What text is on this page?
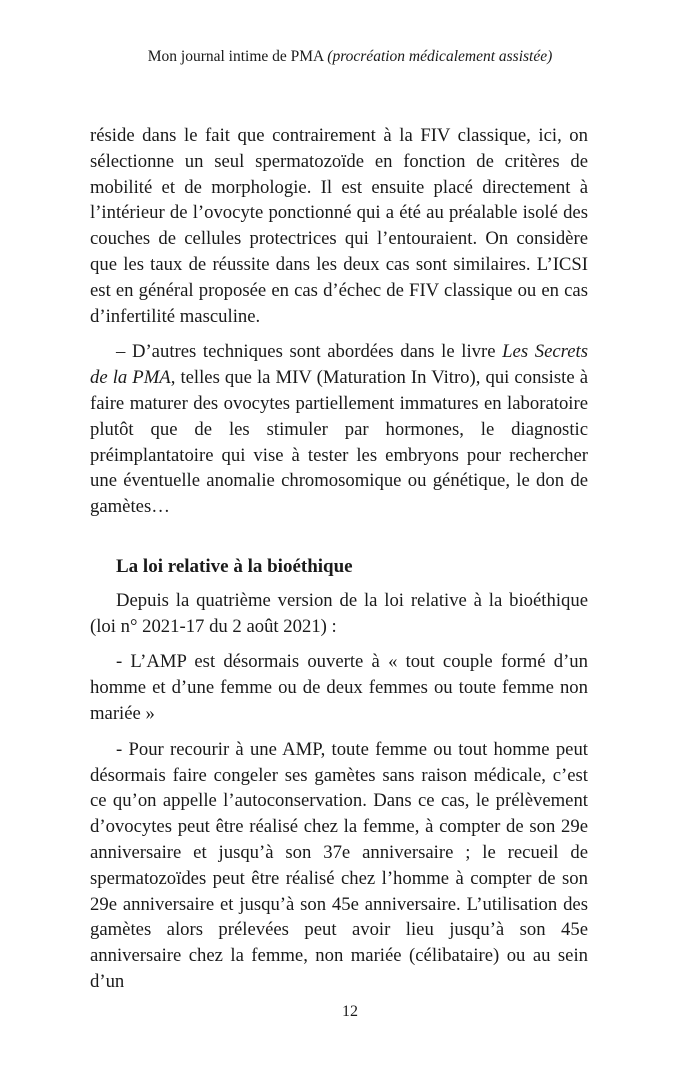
Mon journal intime de PMA (procréation médicalement assistée)

réside dans le fait que contrairement à la FIV classique, ici, on sélectionne un seul spermatozoïde en fonction de critères de mobilité et de morphologie. Il est ensuite placé directement à l’intérieur de l’ovocyte ponctionné qui a été au préalable isolé des couches de cellules protectrices qui l’entouraient. On considère que les taux de réussite dans les deux cas sont similaires. L’ICSI est en général proposée en cas d’échec de FIV classique ou en cas d’infertilité masculine.

– D’autres techniques sont abordées dans le livre Les Secrets de la PMA, telles que la MIV (Maturation In Vitro), qui consiste à faire maturer des ovocytes partiellement immatures en laboratoire plutôt que de les stimuler par hormones, le diagnostic préimplantatoire qui vise à tester les embryons pour rechercher une éventuelle anomalie chromosomique ou génétique, le don de gamètes…

La loi relative à la bioéthique

Depuis la quatrième version de la loi relative à la bioéthique (loi n° 2021-17 du 2 août 2021) :

- L’AMP est désormais ouverte à « tout couple formé d’un homme et d’une femme ou de deux femmes ou toute femme non mariée »

- Pour recourir à une AMP, toute femme ou tout homme peut désormais faire congeler ses gamètes sans raison médicale, c’est ce qu’on appelle l’autoconservation. Dans ce cas, le prélèvement d’ovocytes peut être réalisé chez la femme, à compter de son 29e anniversaire et jusqu’à son 37e anniversaire ; le recueil de spermatozoïdes peut être réalisé chez l’homme à compter de son 29e anniversaire et jusqu’à son 45e anniversaire. L’utilisation des gamètes alors prélevées peut avoir lieu jusqu’à son 45e anniversaire chez la femme, non mariée (célibataire) ou au sein d’un

12
